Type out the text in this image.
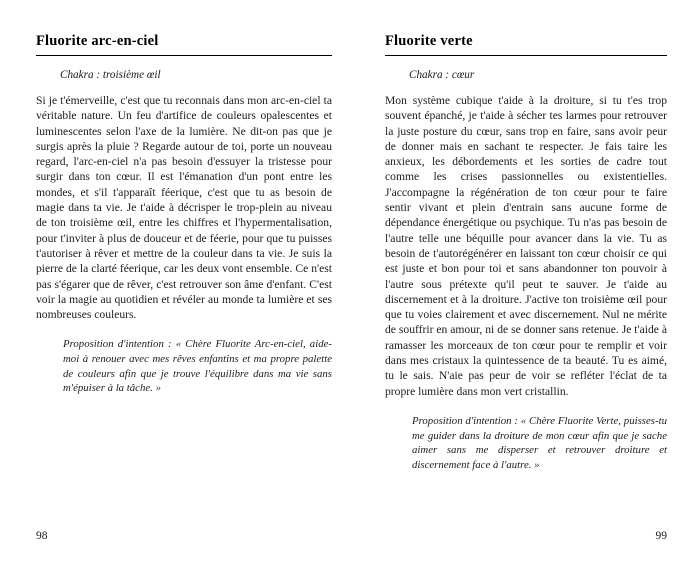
Fluorite arc-en-ciel

Chakra : troisième œil

Si je t'émerveille, c'est que tu reconnais dans mon arc-en-ciel ta véritable nature. Un feu d'artifice de couleurs opalescentes et luminescentes selon l'axe de la lumière. Ne dit-on pas que je surgis après la pluie ? Regarde autour de toi, porte un nouveau regard, l'arc-en-ciel n'a pas besoin d'essuyer la tristesse pour surgir dans ton cœur. Il est l'émanation d'un pont entre les mondes, et s'il t'apparaît féerique, c'est que tu as besoin de magie dans ta vie. Je t'aide à décrisper le trop-plein au niveau de ton troisième œil, entre les chiffres et l'hypermentalisation, pour t'inviter à plus de douceur et de féerie, pour que tu puisses t'autoriser à rêver et mettre de la couleur dans ta vie. Je suis la pierre de la clarté féerique, car les deux vont ensemble. Ce n'est pas s'égarer que de rêver, c'est retrouver son âme d'enfant. C'est voir la magie au quotidien et révéler au monde ta lumière et ses nombreuses couleurs.

Proposition d'intention : « Chère Fluorite Arc-en-ciel, aide-moi à renouer avec mes rêves enfantins et ma propre palette de couleurs afin que je trouve l'équilibre dans ma vie sans m'épuiser à la tâche. »

98
Fluorite verte

Chakra : cœur

Mon système cubique t'aide à la droiture, si tu t'es trop souvent épanché, je t'aide à sécher tes larmes pour retrouver la juste posture du cœur, sans trop en faire, sans avoir peur de donner mais en sachant te respecter. Je fais taire les anxieux, les débordements et les sorties de cadre tout comme les crises passionnelles ou existentielles. J'accompagne la régénération de ton cœur pour te faire sentir vivant et plein d'entrain sans aucune forme de dépendance énergétique ou psychique. Tu n'as pas besoin de l'autre telle une béquille pour avancer dans la vie. Tu as besoin de t'autorégénérer en laissant ton cœur choisir ce qui est juste et bon pour toi et sans abandonner ton pouvoir à l'autre sous prétexte qu'il peut te sauver. Je t'aide au discernement et à la droiture. J'active ton troisième œil pour que tu voies clairement et avec discernement. Nul ne mérite de souffrir en amour, ni de se donner sans retenue. Je t'aide à ramasser les morceaux de ton cœur pour te remplir et voir dans mes cristaux la quintessence de ta beauté. Tu es aimé, tu le sais. N'aie pas peur de voir se refléter l'éclat de ta propre lumière dans mon vert cristallin.

Proposition d'intention : « Chère Fluorite Verte, puisses-tu me guider dans la droiture de mon cœur afin que je sache aimer sans me disperser et retrouver droiture et discernement face à l'autre. »

99
